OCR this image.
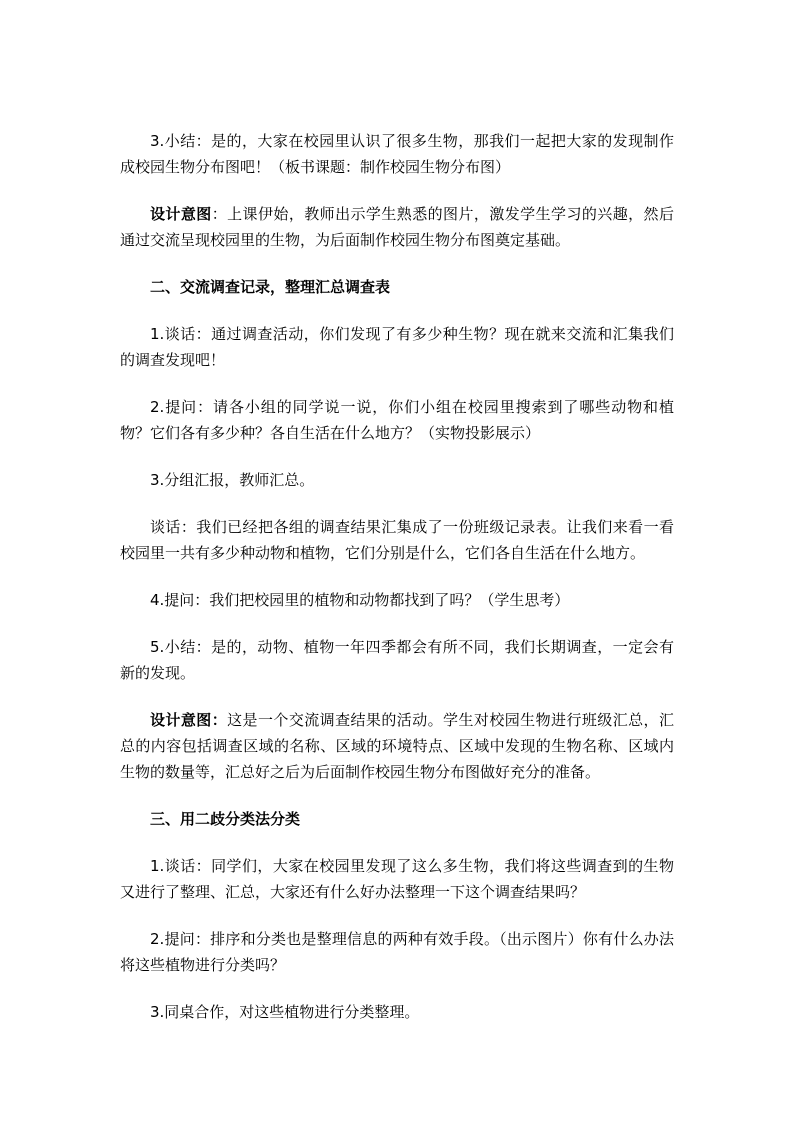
3.小结：是的，大家在校园里认识了很多生物，那我们一起把大家的发现制作成校园生物分布图吧！（板书课题：制作校园生物分布图）

设计意图：上课伊始，教师出示学生熟悉的图片，激发学生学习的兴趣，然后通过交流呈现校园里的生物，为后面制作校园生物分布图奠定基础。

二、交流调查记录，整理汇总调查表

1.谈话：通过调查活动，你们发现了有多少种生物？现在就来交流和汇集我们的调查发现吧！

2.提问：请各小组的同学说一说，你们小组在校园里搜索到了哪些动物和植物？它们各有多少种？各自生活在什么地方？（实物投影展示）

3.分组汇报，教师汇总。

谈话：我们已经把各组的调查结果汇集成了一份班级记录表。让我们来看一看校园里一共有多少种动物和植物，它们分别是什么，它们各自生活在什么地方。

4.提问：我们把校园里的植物和动物都找到了吗？（学生思考）

5.小结：是的，动物、植物一年四季都会有所不同，我们长期调查，一定会有新的发现。

设计意图：这是一个交流调查结果的活动。学生对校园生物进行班级汇总，汇总的内容包括调查区域的名称、区域的环境特点、区域中发现的生物名称、区域内生物的数量等，汇总好之后为后面制作校园生物分布图做好充分的准备。

三、用二歧分类法分类

1.谈话：同学们，大家在校园里发现了这么多生物，我们将这些调查到的生物又进行了整理、汇总，大家还有什么好办法整理一下这个调查结果吗？

2.提问：排序和分类也是整理信息的两种有效手段。（出示图片）你有什么办法将这些植物进行分类吗？

3.同桌合作，对这些植物进行分类整理。
